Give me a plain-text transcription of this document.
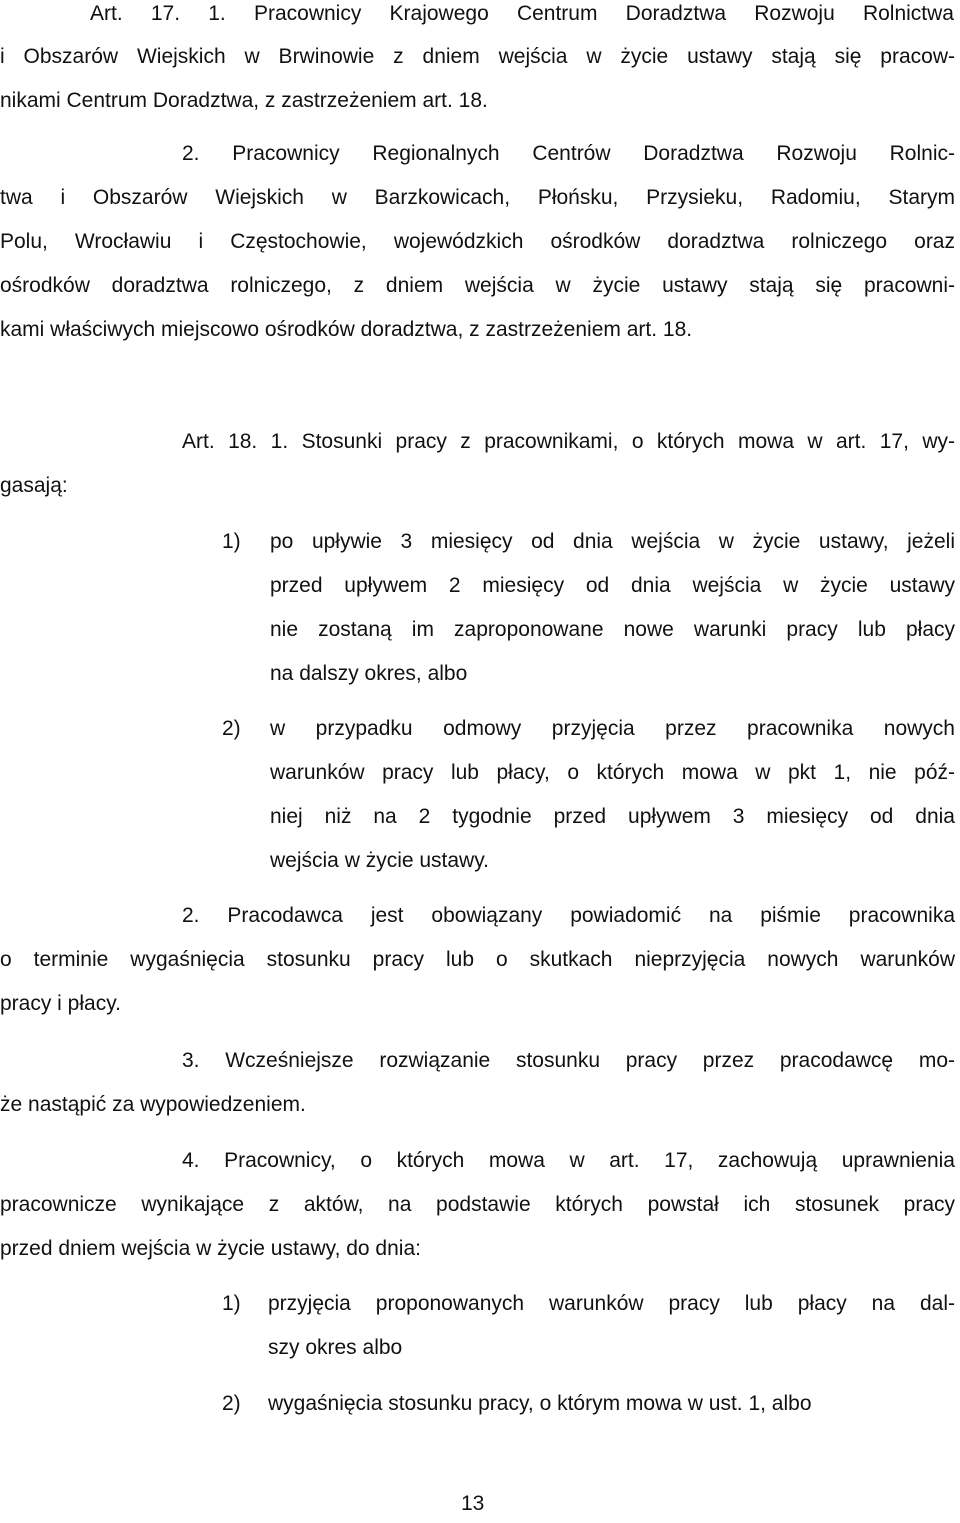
Art. 17. 1. Pracownicy Krajowego Centrum Doradztwa Rozwoju Rolnictwa
i Obszarów Wiejskich w Brwinowie z dniem wejścia w życie ustawy stają się pracow-
nikami Centrum Doradztwa, z zastrzeżeniem art. 18.
2. Pracownicy Regionalnych Centrów Doradztwa Rozwoju Rolnic-
twa i Obszarów Wiejskich w Barzkowicach, Płońsku, Przysieku, Radomiu, Starym
Polu, Wrocławiu i Częstochowie, wojewódzkich ośrodków doradztwa rolniczego oraz
ośrodków doradztwa rolniczego, z dniem wejścia w życie ustawy stają się pracowni-
kami właściwych miejscowo ośrodków doradztwa, z zastrzeżeniem art. 18.
Art. 18. 1. Stosunki pracy z pracownikami, o których mowa w art. 17, wy-
gasają:
1) po upływie 3 miesięcy od dnia wejścia w życie ustawy, jeżeli
przed upływem 2 miesięcy od dnia wejścia w życie ustawy
nie zostaną im zaproponowane nowe warunki pracy lub płacy
na dalszy okres, albo
2) w przypadku odmowy przyjęcia przez pracownika nowych
warunków pracy lub płacy, o których mowa w pkt 1, nie póź-
niej niż na 2 tygodnie przed upływem 3 miesięcy od dnia
wejścia w życie ustawy.
2. Pracodawca jest obowiązany powiadomić na piśmie pracownika
o terminie wygaśnięcia stosunku pracy lub o skutkach nieprzyjęcia nowych warunków
pracy i płacy.
3. Wcześniejsze rozwiązanie stosunku pracy przez pracodawcę mo-
że nastąpić za wypowiedzeniem.
4. Pracownicy, o których mowa w art. 17, zachowują uprawnienia
pracownicze wynikające z aktów, na podstawie których powstał ich stosunek pracy
przed dniem wejścia w życie ustawy, do dnia:
1) przyjęcia proponowanych warunków pracy lub płacy na dal-
szy okres albo
2) wygaśnięcia stosunku pracy, o którym mowa w ust. 1, albo
13
